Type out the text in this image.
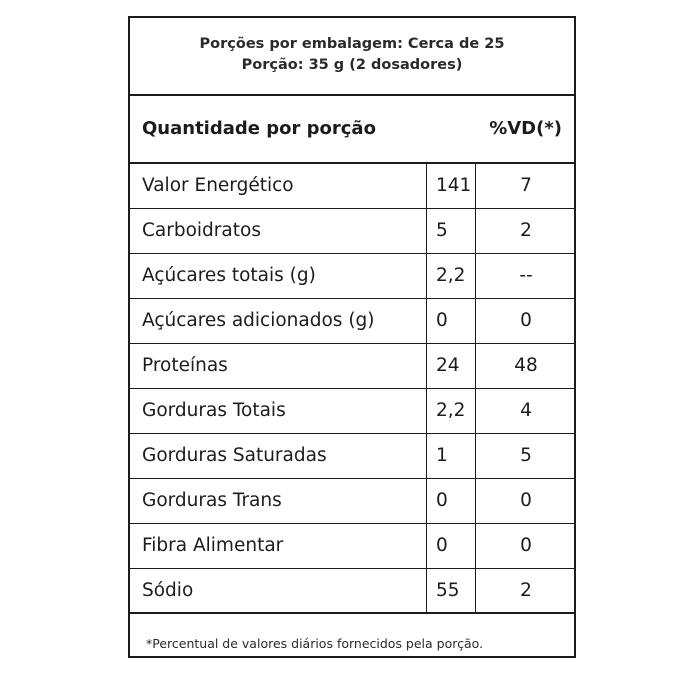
Porções por embalagem: Cerca de 25
Porção: 35 g (2 dosadores)
Quantidade por porção	%VD(*)
Valor Energético	141	7
Carboidratos	5	2
Açúcares totais (g)	2,2	--
Açúcares adicionados (g)	0	0
Proteínas	24	48
Gorduras Totais	2,2	4
Gorduras Saturadas	1	5
Gorduras Trans	0	0
Fibra Alimentar	0	0
Sódio	55	2
*Percentual de valores diários fornecidos pela porção.
